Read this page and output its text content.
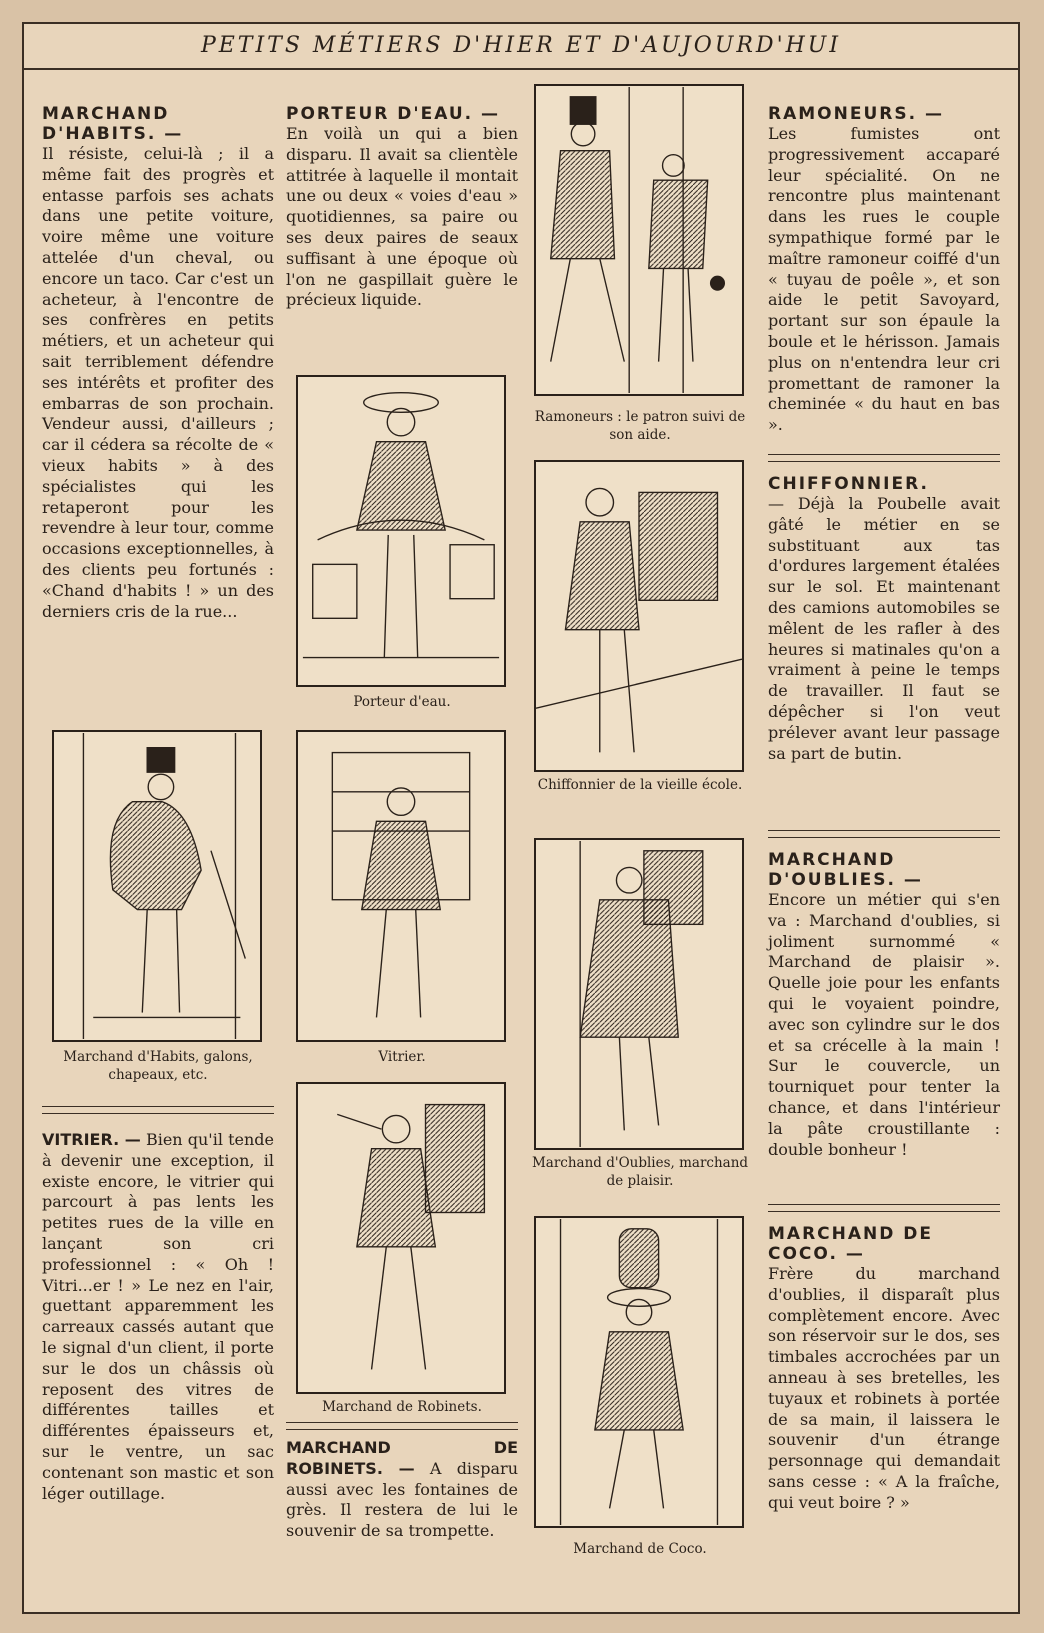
PETITS MÉTIERS D'HIER ET D'AUJOURD'HUI
MARCHAND D'HABITS. —
Il résiste, celui-là ; il a même fait des progrès et entasse parfois ses achats dans une petite voiture, voire même une voiture attelée d'un cheval, ou encore un taco. Car c'est un acheteur, à l'encontre de ses confrères en petits métiers, et un acheteur qui sait terriblement défendre ses intérêts et profiter des embarras de son prochain. Vendeur aussi, d'ailleurs ; car il cédera sa récolte de « vieux habits » à des spécialistes qui les retaperont pour les revendre à leur tour, comme occasions exceptionnelles, à des clients peu fortunés : «Chand d'habits ! » un des derniers cris de la rue...
Marchand d'Habits, galons, chapeaux, etc.
VITRIER. — Bien qu'il tende à devenir une exception, il existe encore, le vitrier qui parcourt à pas lents les petites rues de la ville en lançant son cri professionnel : « Oh ! Vitri...er ! » Le nez en l'air, guettant apparemment les carreaux cassés autant que le signal d'un client, il porte sur le dos un châssis où reposent des vitres de différentes tailles et différentes épaisseurs et, sur le ventre, un sac contenant son mastic et son léger outillage.
PORTEUR D'EAU. —
En voilà un qui a bien disparu. Il avait sa clientèle attitrée à laquelle il montait une ou deux « voies d'eau » quotidiennes, sa paire ou ses deux paires de seaux suffisant à une époque où l'on ne gaspillait guère le précieux liquide.
Porteur d'eau.
Vitrier.
Marchand de Robinets.
MARCHAND DE ROBINETS. — A disparu aussi avec les fontaines de grès. Il restera de lui le souvenir de sa trompette.
Ramoneurs : le patron suivi de son aide.
Chiffonnier de la vieille école.
Marchand d'Oublies, marchand de plaisir.
Marchand de Coco.
RAMONEURS. —
Les fumistes ont progressivement accaparé leur spécialité. On ne rencontre plus maintenant dans les rues le couple sympathique formé par le maître ramoneur coiffé d'un « tuyau de poêle », et son aide le petit Savoyard, portant sur son épaule la boule et le hérisson. Jamais plus on n'entendra leur cri promettant de ramoner la cheminée « du haut en bas ».
CHIFFONNIER.
— Déjà la Poubelle avait gâté le métier en se substituant aux tas d'ordures largement étalées sur le sol. Et maintenant des camions automobiles se mêlent de les rafler à des heures si matinales qu'on a vraiment à peine le temps de travailler. Il faut se dépêcher si l'on veut prélever avant leur passage sa part de butin.
MARCHAND D'OUBLIES. —
Encore un métier qui s'en va : Marchand d'oublies, si joliment surnommé « Marchand de plaisir ». Quelle joie pour les enfants qui le voyaient poindre, avec son cylindre sur le dos et sa crécelle à la main ! Sur le couvercle, un tourniquet pour tenter la chance, et dans l'intérieur la pâte croustillante : double bonheur !
MARCHAND DE COCO. —
Frère du marchand d'oublies, il disparaît plus complètement encore. Avec son réservoir sur le dos, ses timbales accrochées par un anneau à ses bretelles, les tuyaux et robinets à portée de sa main, il laissera le souvenir d'un étrange personnage qui demandait sans cesse : « A la fraîche, qui veut boire ? »
